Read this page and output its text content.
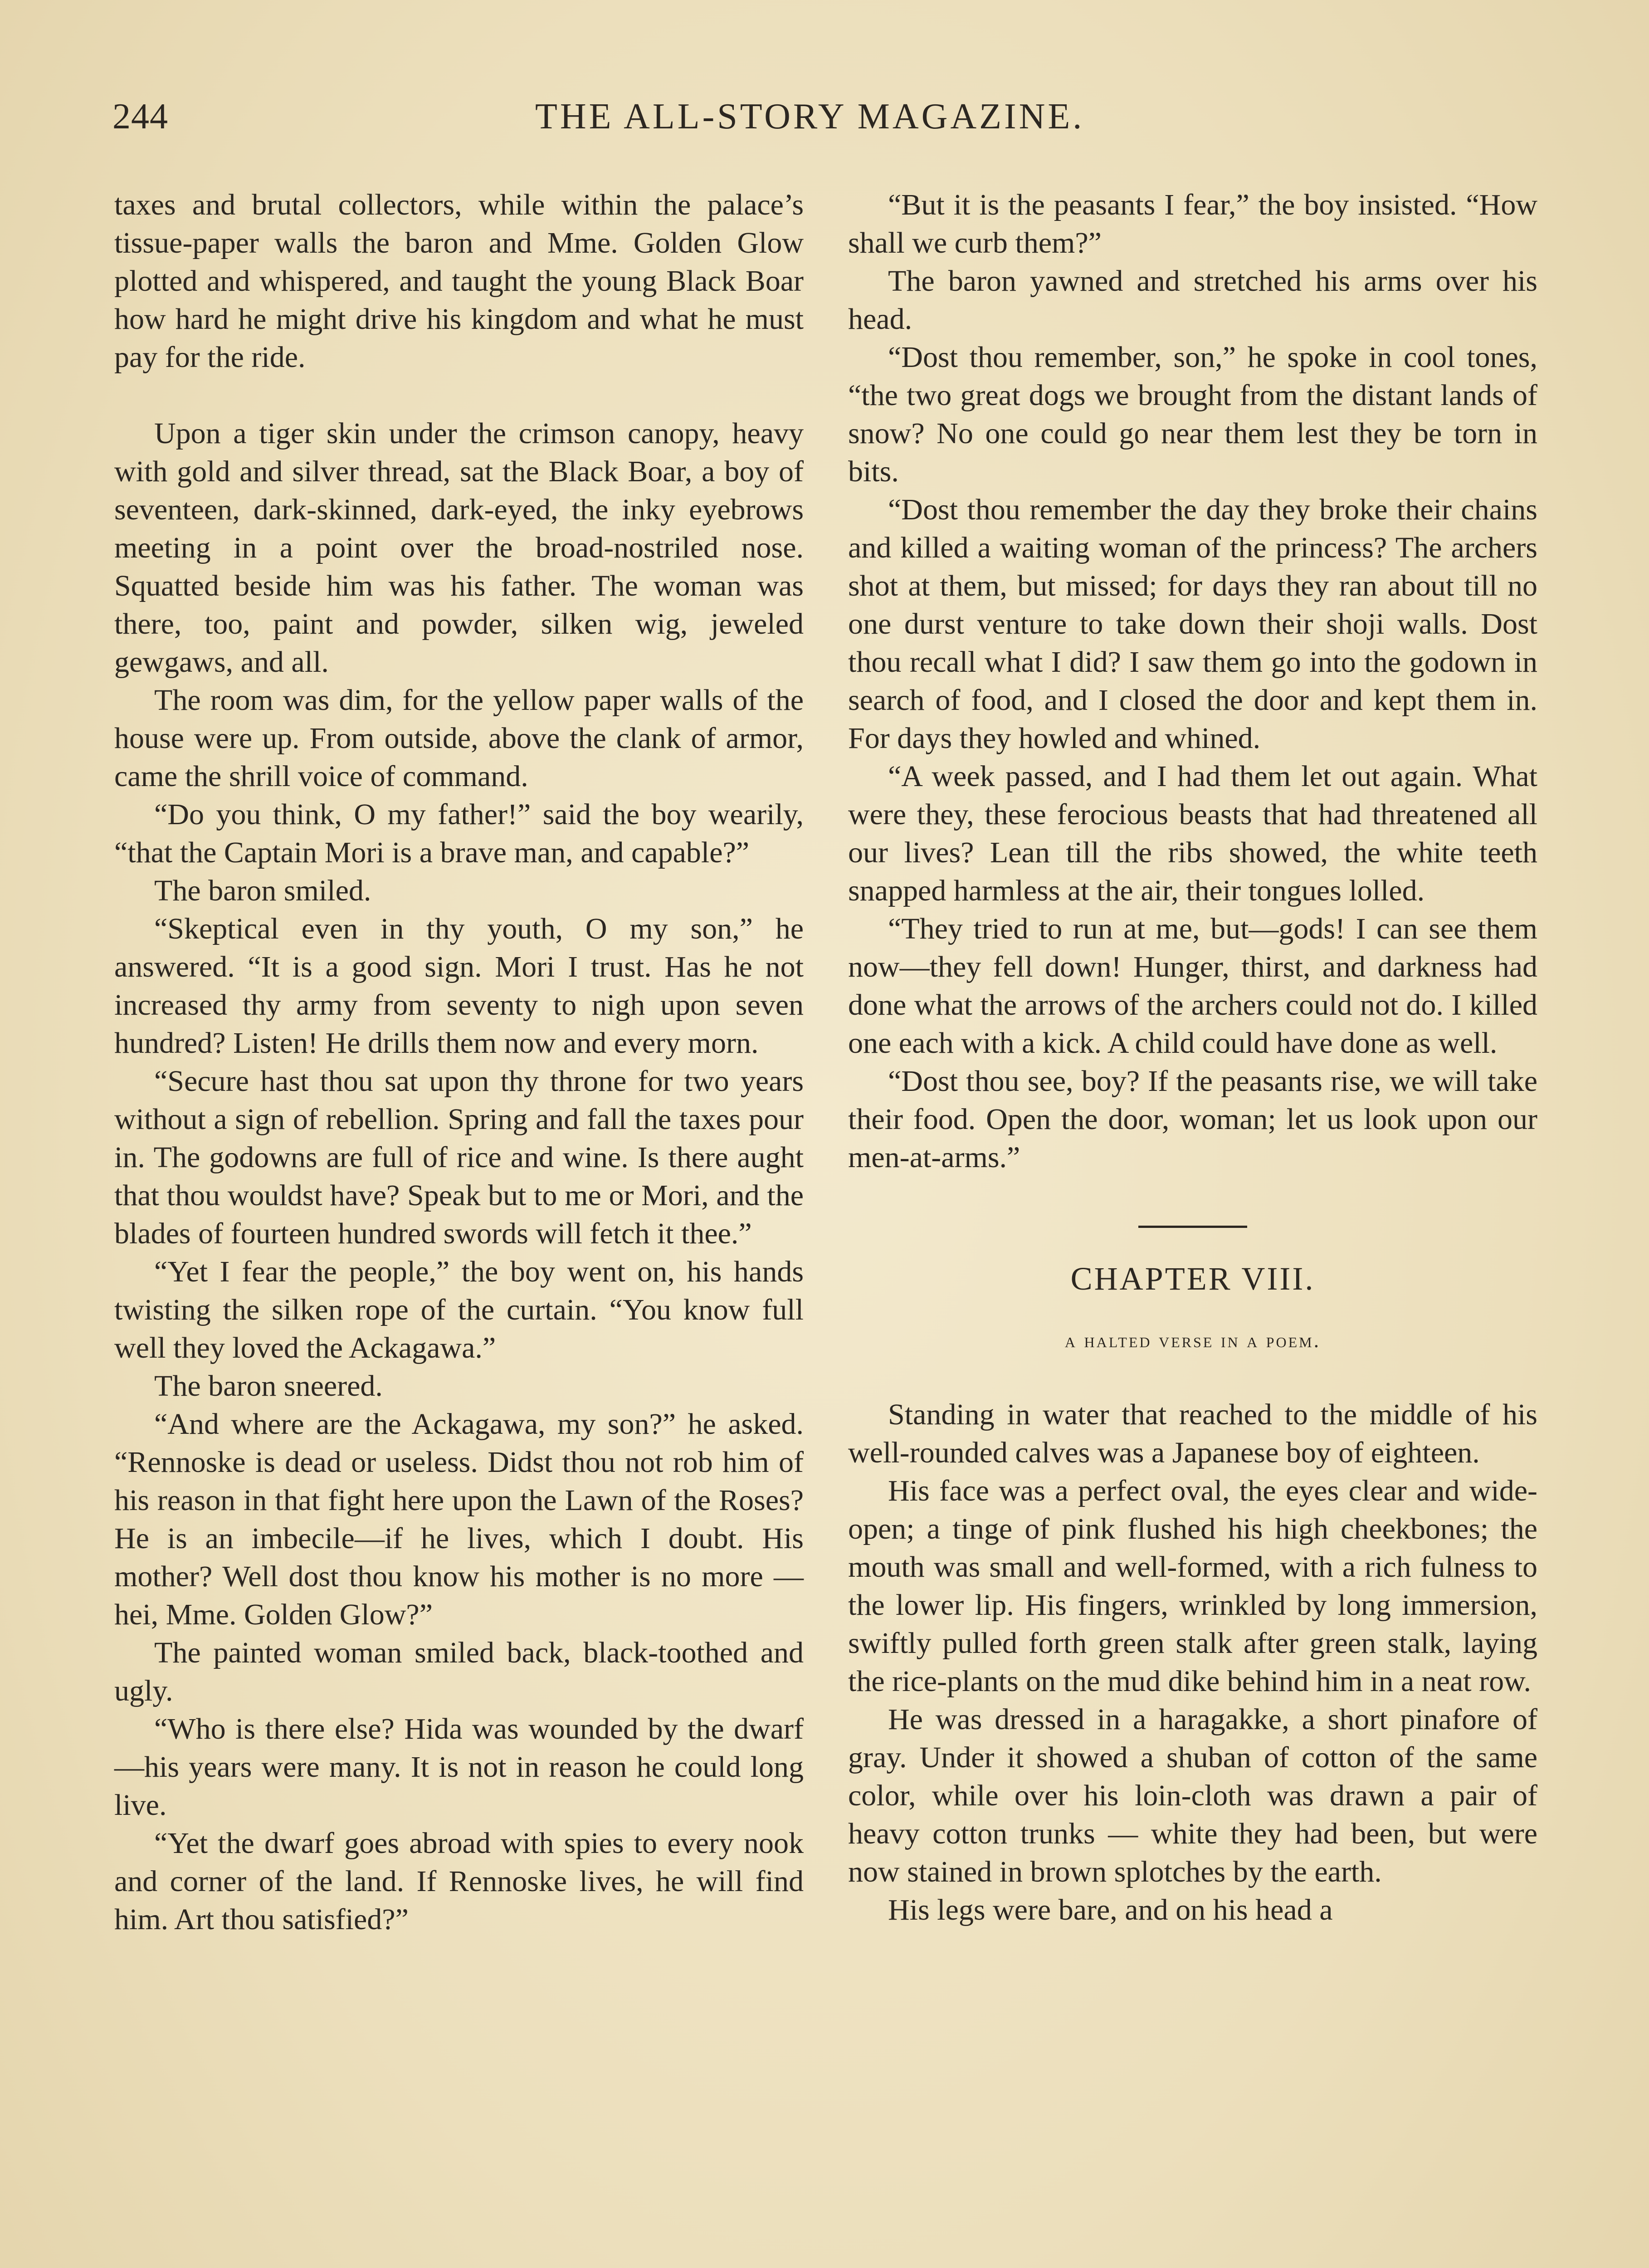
244	THE ALL-STORY MAGAZINE.

taxes and brutal collectors, while within the palace’s tissue-paper walls the baron and Mme. Golden Glow plotted and whispered, and taught the young Black Boar how hard he might drive his kingdom and what he must pay for the ride.

Upon a tiger skin under the crimson canopy, heavy with gold and silver thread, sat the Black Boar, a boy of seventeen, dark-skinned, dark-eyed, the inky eyebrows meeting in a point over the broad-nostriled nose. Squatted beside him was his father. The woman was there, too, paint and powder, silken wig, jeweled gewgaws, and all.

The room was dim, for the yellow paper walls of the house were up. From outside, above the clank of armor, came the shrill voice of command.

“Do you think, O my father!” said the boy wearily, “that the Captain Mori is a brave man, and capable?”

The baron smiled.

“Skeptical even in thy youth, O my son,” he answered. “It is a good sign. Mori I trust. Has he not increased thy army from seventy to nigh upon seven hundred? Listen! He drills them now and every morn.

“Secure hast thou sat upon thy throne for two years without a sign of rebellion. Spring and fall the taxes pour in. The godowns are full of rice and wine. Is there aught that thou wouldst have? Speak but to me or Mori, and the blades of fourteen hundred swords will fetch it thee.”

“Yet I fear the people,” the boy went on, his hands twisting the silken rope of the curtain. “You know full well they loved the Ackagawa.”

The baron sneered.

“And where are the Ackagawa, my son?” he asked. “Rennoske is dead or useless. Didst thou not rob him of his reason in that fight here upon the Lawn of the Roses? He is an imbecile—if he lives, which I doubt. His mother? Well dost thou know his mother is no more — hei, Mme. Golden Glow?”

The painted woman smiled back, black-toothed and ugly.

“Who is there else? Hida was wounded by the dwarf—his years were many. It is not in reason he could long live.

“Yet the dwarf goes abroad with spies to every nook and corner of the land. If Rennoske lives, he will find him. Art thou satisfied?”

“But it is the peasants I fear,” the boy insisted. “How shall we curb them?”

The baron yawned and stretched his arms over his head.

“Dost thou remember, son,” he spoke in cool tones, “the two great dogs we brought from the distant lands of snow? No one could go near them lest they be torn in bits.

“Dost thou remember the day they broke their chains and killed a waiting woman of the princess? The archers shot at them, but missed; for days they ran about till no one durst venture to take down their shoji walls. Dost thou recall what I did? I saw them go into the godown in search of food, and I closed the door and kept them in. For days they howled and whined.

“A week passed, and I had them let out again. What were they, these ferocious beasts that had threatened all our lives? Lean till the ribs showed, the white teeth snapped harmless at the air, their tongues lolled.

“They tried to run at me, but—gods! I can see them now—they fell down! Hunger, thirst, and darkness had done what the arrows of the archers could not do. I killed one each with a kick. A child could have done as well.

“Dost thou see, boy? If the peasants rise, we will take their food. Open the door, woman; let us look upon our men-at-arms.”

CHAPTER VIII.
a halted verse in a poem.

Standing in water that reached to the middle of his well-rounded calves was a Japanese boy of eighteen.

His face was a perfect oval, the eyes clear and wide-open; a tinge of pink flushed his high cheekbones; the mouth was small and well-formed, with a rich fulness to the lower lip. His fingers, wrinkled by long immersion, swiftly pulled forth green stalk after green stalk, laying the rice-plants on the mud dike behind him in a neat row.

He was dressed in a haragakke, a short pinafore of gray. Under it showed a shuban of cotton of the same color, while over his loin-cloth was drawn a pair of heavy cotton trunks — white they had been, but were now stained in brown splotches by the earth.

His legs were bare, and on his head a
